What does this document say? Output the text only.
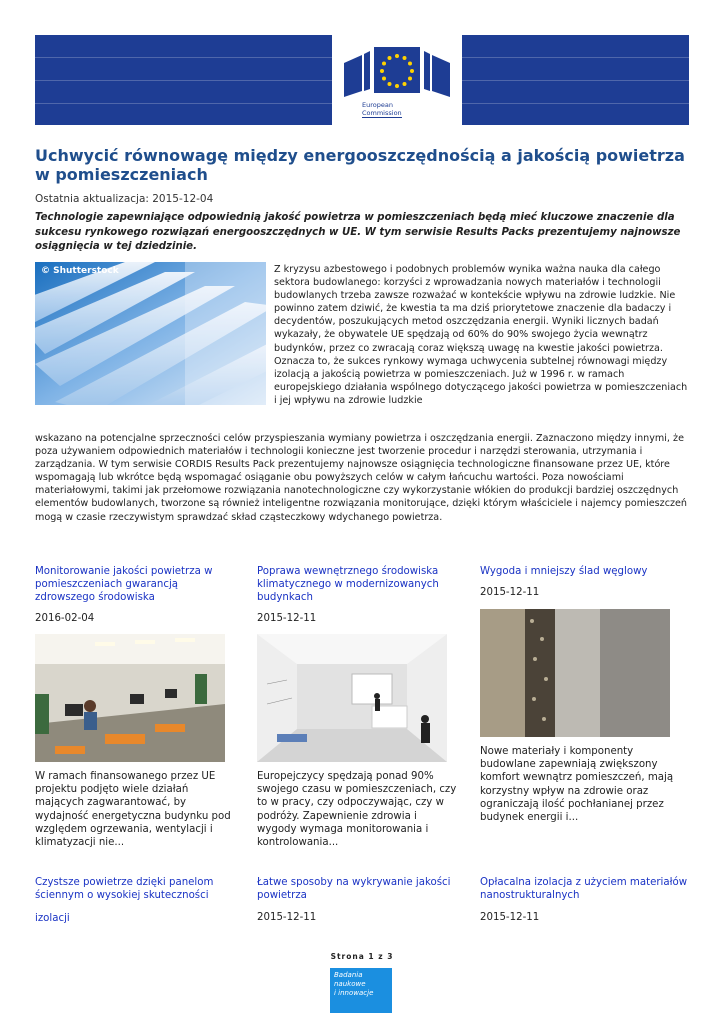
European
Commission
Uchwycić równowagę między energooszczędnością a jakością powietrza w pomieszczeniach
Ostatnia aktualizacja: 2015-12-04

Technologie zapewniające odpowiednią jakość powietrza w pomieszczeniach będą mieć kluczowe znaczenie dla sukcesu rynkowego rozwiązań energooszczędnych w UE. W tym serwisie Results Packs prezentujemy najnowsze osiągnięcia w tej dziedzinie.

© Shutterstock	Z kryzysu azbestowego i podobnych problemów wynika ważna nauka dla całego sektora budowlanego: korzyści z wprowadzania nowych materiałów i technologii budowlanych trzeba zawsze rozważać w kontekście wpływu na zdrowie ludzkie. Nie powinno zatem dziwić, że kwestia ta ma dziś priorytetowe znaczenie dla badaczy i decydentów, poszukujących metod oszczędzania energii. Wyniki licznych badań wykazały, że obywatele UE spędzają od 60% do 90% swojego życia wewnątrz budynków, przez co zwracają coraz większą uwagę na kwestie jakości powietrza. Oznacza to, że sukces rynkowy wymaga uchwycenia subtelnej równowagi między izolacją a jakością powietrza w pomieszczeniach. Już w 1996 r. w ramach europejskiego działania wspólnego dotyczącego jakości powietrza w pomieszczeniach i jej wpływu na zdrowie ludzkie

wskazano na potencjalne sprzeczności celów przyspieszania wymiany powietrza i oszczędzania energii. Zaznaczono między innymi, że poza używaniem odpowiednich materiałów i technologii konieczne jest tworzenie procedur i narzędzi sterowania, utrzymania i zarządzania. W tym serwisie CORDIS Results Pack prezentujemy najnowsze osiągnięcia technologiczne finansowane przez UE, które wspomagają lub wkrótce będą wspomagać osiąganie obu powyższych celów w całym łańcuchu wartości. Poza nowościami materiałowymi, takimi jak przełomowe rozwiązania nanotechnologiczne czy wykorzystanie włókien do produkcji bardziej oszczędnych elementów budowlanych, tworzone są również inteligentne rozwiązania monitorujące, dzięki którym właściciele i najemcy pomieszczeń mogą w czasie rzeczywistym sprawdzać skład cząsteczkowy wdychanego powietrza.

Monitorowanie jakości powietrza w pomieszczeniach gwarancją zdrowszego środowiska
2016-02-04

W ramach finansowanego przez UE projektu podjęto wiele działań mających zagwarantować, by wydajność energetyczna budynku pod względem ogrzewania, wentylacji i klimatyzacji nie...

Poprawa wewnętrznego środowiska klimatycznego w modernizowanych budynkach
2015-12-11

Europejczycy spędzają ponad 90% swojego czasu w pomieszczeniach, czy to w pracy, czy odpoczywając, czy w podróży. Zapewnienie zdrowia i wygody wymaga monitorowania i kontrolowania...

Wygoda i mniejszy ślad węglowy
2015-12-11

Nowe materiały i komponenty budowlane zapewniają zwiększony komfort wewnątrz pomieszczeń, mają korzystny wpływ na zdrowie oraz ograniczają ilość pochłanianej przez budynek energii i...

Czystsze powietrze dzięki panelom ściennym o wysokiej skuteczności
izolacji
Łatwe sposoby na wykrywanie jakości powietrza
2015-12-11
Opłacalna izolacja z użyciem materiałów nanostrukturalnych
2015-12-11
Strona 1 z 3
Badania
naukowe
i innowacje
